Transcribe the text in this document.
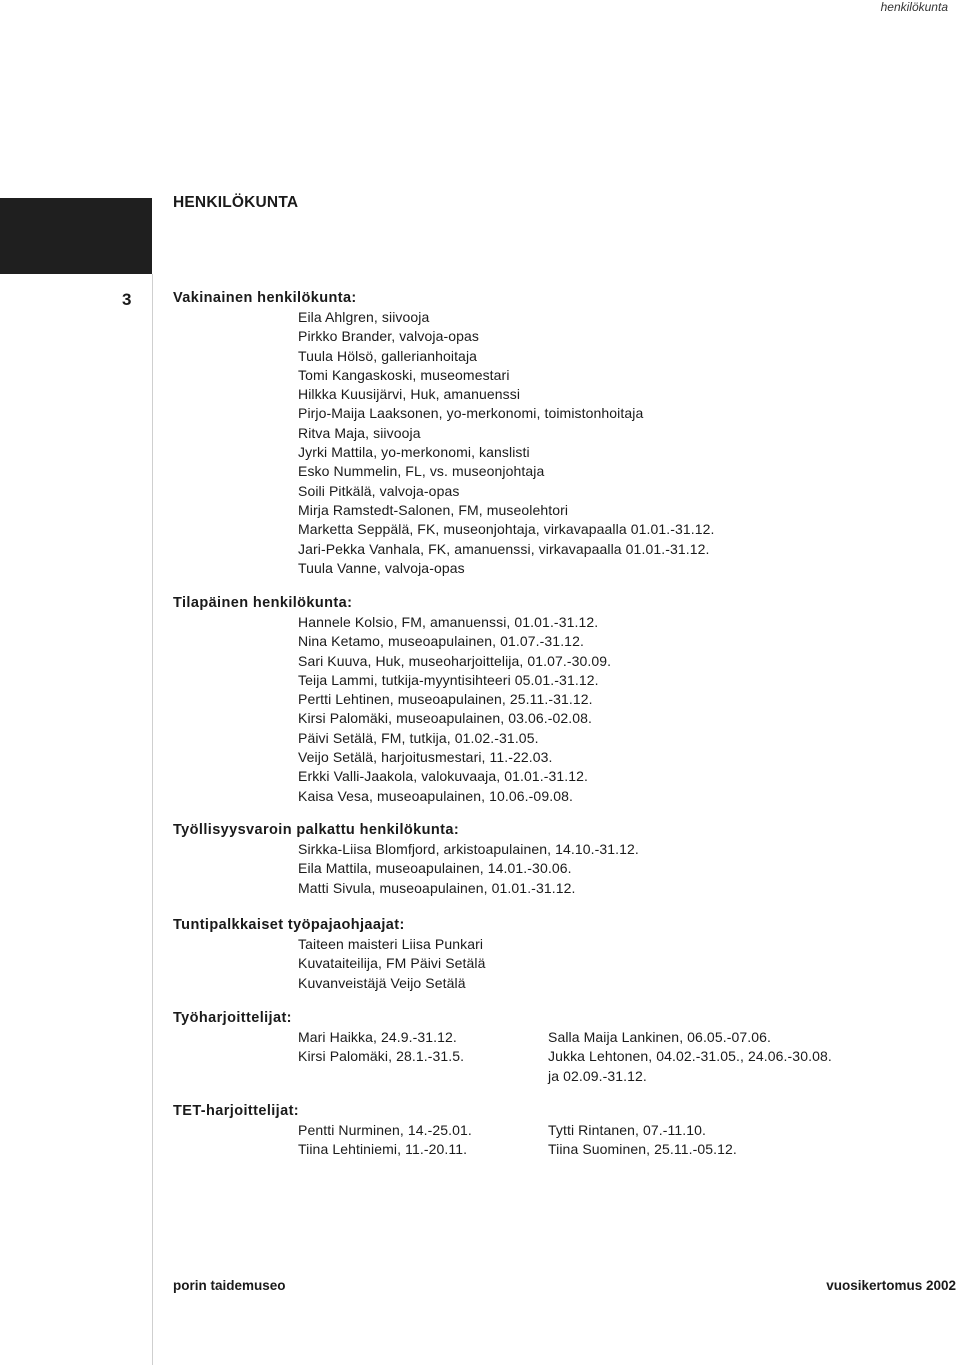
henkilökunta
HENKILÖKUNTA
3	Vakinainen henkilökunta:
Eila Ahlgren, siivooja
Pirkko Brander, valvoja-opas
Tuula Hölsö, gallerianhoitaja
Tomi Kangaskoski, museomestari
Hilkka Kuusijärvi, Huk, amanuenssi
Pirjo-Maija Laaksonen, yo-merkonomi, toimistonhoitaja
Ritva Maja, siivooja
Jyrki Mattila, yo-merkonomi, kanslisti
Esko Nummelin, FL, vs. museonjohtaja
Soili Pitkälä, valvoja-opas
Mirja Ramstedt-Salonen, FM, museolehtori
Marketta Seppälä, FK, museonjohtaja, virkavapaalla 01.01.-31.12.
Jari-Pekka Vanhala, FK, amanuenssi, virkavapaalla 01.01.-31.12.
Tuula Vanne, valvoja-opas
Tilapäinen henkilökunta:
Hannele Kolsio, FM, amanuenssi, 01.01.-31.12.
Nina Ketamo, museoapulainen, 01.07.-31.12.
Sari Kuuva, Huk, museoharjoittelija, 01.07.-30.09.
Teija Lammi, tutkija-myyntisihteeri 05.01.-31.12.
Pertti Lehtinen, museoapulainen, 25.11.-31.12.
Kirsi Palomäki, museoapulainen, 03.06.-02.08.
Päivi Setälä, FM, tutkija, 01.02.-31.05.
Veijo Setälä, harjoitusmestari, 11.-22.03.
Erkki Valli-Jaakola, valokuvaaja, 01.01.-31.12.
Kaisa Vesa, museoapulainen, 10.06.-09.08.
Työllisyysvaroin palkattu henkilökunta:
Sirkka-Liisa Blomfjord, arkistoapulainen, 14.10.-31.12.
Eila Mattila, museoapulainen, 14.01.-30.06.
Matti Sivula, museoapulainen, 01.01.-31.12.
Tuntipalkkaiset työpajaohjaajat:
Taiteen maisteri Liisa Punkari
Kuvataiteilija, FM Päivi Setälä
Kuvanveistäjä Veijo Setälä
Työharjoittelijat:
Mari Haikka, 24.9.-31.12.
Kirsi Palomäki, 28.1.-31.5.
Salla Maija Lankinen, 06.05.-07.06.
Jukka Lehtonen, 04.02.-31.05., 24.06.-30.08.
ja 02.09.-31.12.
TET-harjoittelijat:
Pentti Nurminen, 14.-25.01.
Tiina Lehtiniemi, 11.-20.11.
Tytti Rintanen, 07.-11.10.
Tiina Suominen, 25.11.-05.12.
porin taidemuseo	vuosikertomus 2002
